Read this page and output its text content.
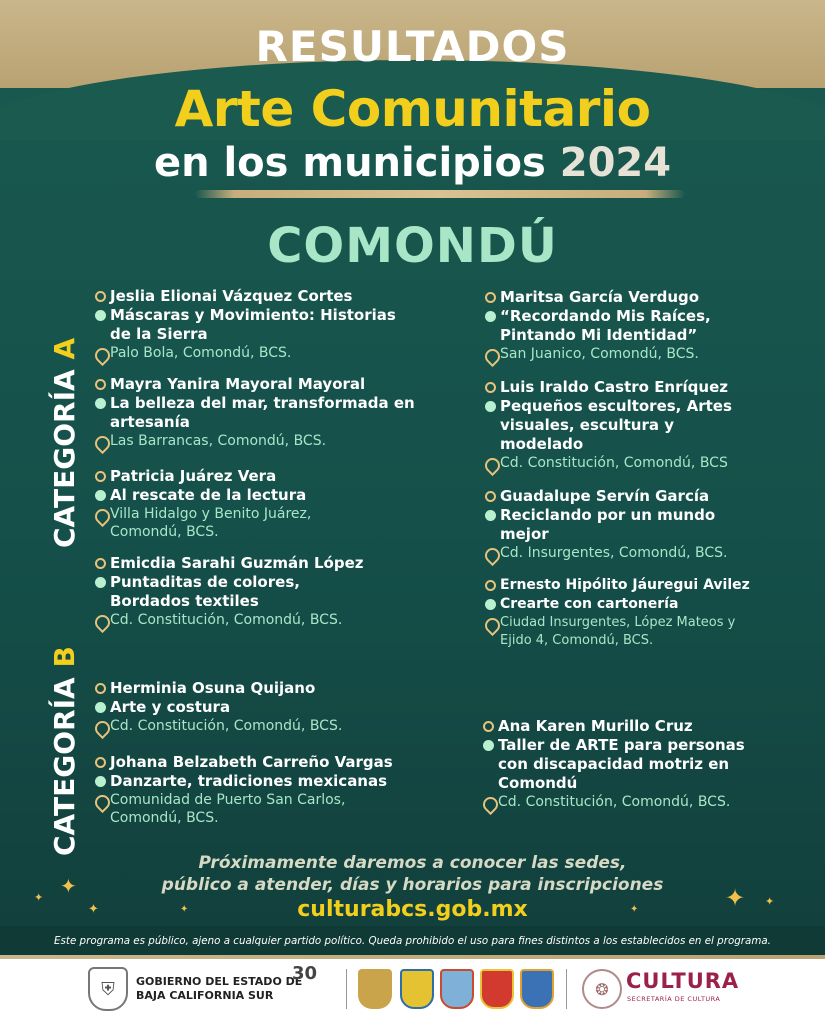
RESULTADOS
Arte Comunitario
en los municipios 2024
COMONDÚ
CATEGORÍA A
CATEGORÍA B
Jeslia Elionai Vázquez Cortes
Máscaras y Movimiento: Historias de la Sierra
Palo Bola, Comondú, BCS.
Mayra Yanira Mayoral Mayoral
La belleza del mar, transformada en artesanía
Las Barrancas, Comondú, BCS.
Patricia Juárez Vera
Al rescate de la lectura
Villa Hidalgo y Benito Juárez, Comondú, BCS.
Emicdia Sarahi Guzmán López
Puntaditas de colores, Bordados textiles
Cd. Constitución, Comondú, BCS.
Maritsa García Verdugo
“Recordando Mis Raíces, Pintando Mi Identidad”
San Juanico, Comondú, BCS.
Luis Iraldo Castro Enríquez
Pequeños escultores, Artes visuales, escultura y modelado
Cd. Constitución, Comondú, BCS
Guadalupe Servín García
Reciclando por un mundo mejor
Cd. Insurgentes, Comondú, BCS.
Ernesto Hipólito Jáuregui Avilez
Crearte con cartonería
Ciudad Insurgentes, López Mateos y Ejido 4, Comondú, BCS.
Herminia Osuna Quijano
Arte y costura
Cd. Constitución, Comondú, BCS.
Johana Belzabeth Carreño Vargas
Danzarte, tradiciones mexicanas
Comunidad de Puerto San Carlos, Comondú, BCS.
Ana Karen Murillo Cruz
Taller de ARTE para personas con discapacidad motriz en Comondú
Cd. Constitución, Comondú, BCS.
Próximamente daremos a conocer las sedes,
público a atender, días y horarios para inscripciones
culturabcs.gob.mx
✦
✦
✦	✦	✦ ✦
✦
Este programa es público, ajeno a cualquier partido político. Queda prohibido el uso para fines distintos a los establecidos en el programa.
⛨	GOBIERNO DEL ESTADO DE
BAJA CALIFORNIA SUR
30
❂ CULTURA
SECRETARÍA DE CULTURA
